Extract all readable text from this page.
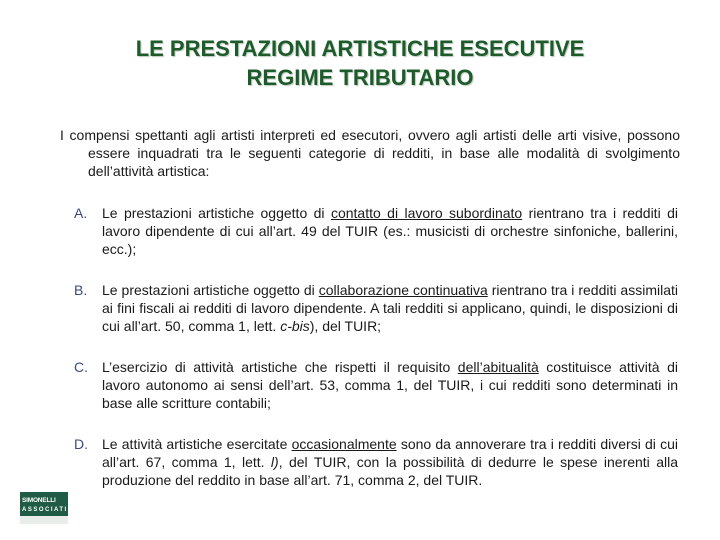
LE PRESTAZIONI ARTISTICHE ESECUTIVE
REGIME TRIBUTARIO

I compensi spettanti agli artisti interpreti ed esecutori, ovvero agli artisti delle arti visive, possono essere inquadrati tra le seguenti categorie di redditi, in base alle modalità di svolgimento dell’attività artistica:

A. Le prestazioni artistiche oggetto di contatto di lavoro subordinato rientrano tra i redditi di lavoro dipendente di cui all’art. 49 del TUIR (es.: musicisti di orchestre sinfoniche, ballerini, ecc.);
B. Le prestazioni artistiche oggetto di collaborazione continuativa rientrano tra i redditi assimilati ai fini fiscali ai redditi di lavoro dipendente. A tali redditi si applicano, quindi, le disposizioni di cui all’art. 50, comma 1, lett. c-bis), del TUIR;
C. L’esercizio di attività artistiche che rispetti il requisito dell’abitualità costituisce attività di lavoro autonomo ai sensi dell’art. 53, comma 1, del TUIR, i cui redditi sono determinati in base alle scritture contabili;
D. Le attività artistiche esercitate occasionalmente sono da annoverare tra i redditi diversi di cui all’art. 67, comma 1, lett. l), del TUIR, con la possibilità di dedurre le spese inerenti alla produzione del reddito in base all’art. 71, comma 2, del TUIR.
SIMONELLI
ASSOCIATI
